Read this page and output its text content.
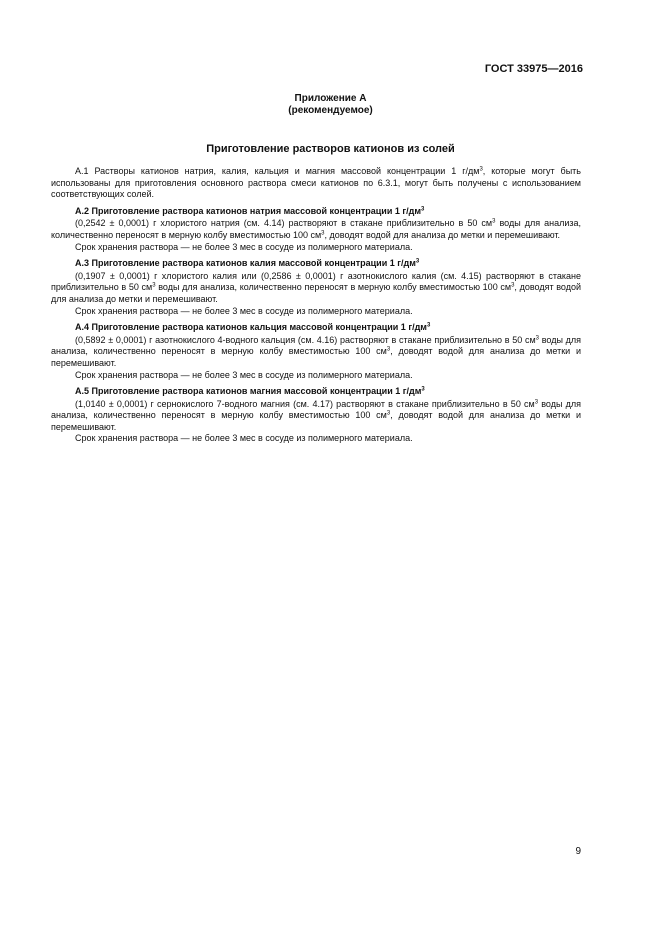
ГОСТ 33975—2016
Приложение А
(рекомендуемое)
Приготовление растворов катионов из солей

А.1 Растворы катионов натрия, калия, кальция и магния массовой концентрации 1 $г/дм^3$, которые могут быть использованы для приготовления основного раствора смеси катионов по 6.3.1, могут быть получены с использованием соответствующих солей.

А.2 Приготовление раствора катионов натрия массовой концентрации 1 $г/дм^3$

(0,2542 ± 0,0001) г хлористого натрия (см. 4.14) растворяют в стакане приблизительно в 50 $см^3$ воды для анализа, количественно переносят в мерную колбу вместимостью 100 $см^3$, доводят водой для анализа до метки и перемешивают.

Срок хранения раствора — не более 3 мес в сосуде из полимерного материала.

А.3 Приготовление раствора катионов калия массовой концентрации 1 $г/дм^3$

(0,1907 ± 0,0001) г хлористого калия или (0,2586 ± 0,0001) г азотнокислого калия (см. 4.15) растворяют в стакане приблизительно в 50 $см^3$ воды для анализа, количественно переносят в мерную колбу вместимостью 100 $см^3$, доводят водой для анализа до метки и перемешивают.

Срок хранения раствора — не более 3 мес в сосуде из полимерного материала.

А.4 Приготовление раствора катионов кальция массовой концентрации 1 $г/дм^3$

(0,5892 ± 0,0001) г азотнокислого 4-водного кальция (см. 4.16) растворяют в стакане приблизительно в 50 $см^3$ воды для анализа, количественно переносят в мерную колбу вместимостью 100 $см^3$, доводят водой для анализа до метки и перемешивают.

Срок хранения раствора — не более 3 мес в сосуде из полимерного материала.

А.5 Приготовление раствора катионов магния массовой концентрации 1 $г/дм^3$

(1,0140 ± 0,0001) г сернокислого 7-водного магния (см. 4.17) растворяют в стакане приблизительно в 50 $см^3$ воды для анализа, количественно переносят в мерную колбу вместимостью 100 $см^3$, доводят водой для анализа до метки и перемешивают.

Срок хранения раствора — не более 3 мес в сосуде из полимерного материала.

9
